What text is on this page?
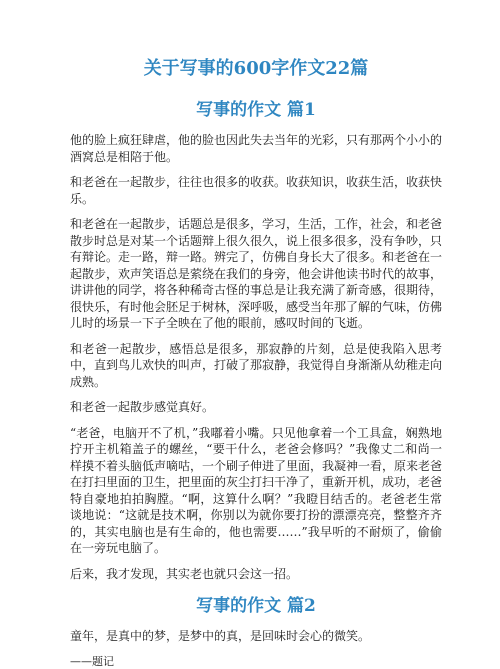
关于写事的600字作文22篇
写事的作文 篇1

他的脸上疯狂肆虐，他的脸也因此失去当年的光彩，只有那两个小小的酒窝总是相陪于他。

和老爸在一起散步，往往也很多的收获。收获知识，收获生活，收获快乐。

和老爸在一起散步，话题总是很多，学习，生活，工作，社会，和老爸散步时总是对某一个话题辩上很久很久，说上很多很多，没有争吵，只有辩论。走一路，辩一路。辨完了，仿佛自身长大了很多。和老爸在一起散步，欢声笑语总是萦绕在我们的身旁，他会讲他读书时代的故事，讲讲他的同学，将各种稀奇古怪的事总是让我充满了新奇感，很期待，很快乐，有时他会胚足于树林，深呼吸，感受当年那了解的气味，仿佛儿时的场景一下子全映在了他的眼前，感叹时间的飞逝。

和老爸一起散步，感悟总是很多，那寂静的片刻，总是使我陷入思考中，直到鸟儿欢快的叫声，打破了那寂静，我觉得自身渐渐从幼稚走向成熟。

和老爸一起散步感觉真好。

“老爸，电脑开不了机，”我嘟着小嘴。只见他拿着一个工具盒，娴熟地拧开主机箱盖子的螺丝，“要干什么，老爸会修吗？”我像丈二和尚一样摸不着头脑低声嘀咕，一个刷子伸进了里面，我凝神一看，原来老爸在打扫里面的卫生，把里面的灰尘打扫干净了，重新开机，成功，老爸特自豪地拍拍胸膛。“啊，这算什么啊？”我瞪目结舌的。老爸老生常谈地说：“这就是技术啊，你别以为就你要打扮的漂漂亮亮，整整齐齐的，其实电脑也是有生命的，他也需要……”我早听的不耐烦了，偷偷在一旁玩电脑了。

后来，我才发现，其实老也就只会这一招。

写事的作文 篇2

童年，是真中的梦，是梦中的真，是回味时会心的微笑。

——题记
